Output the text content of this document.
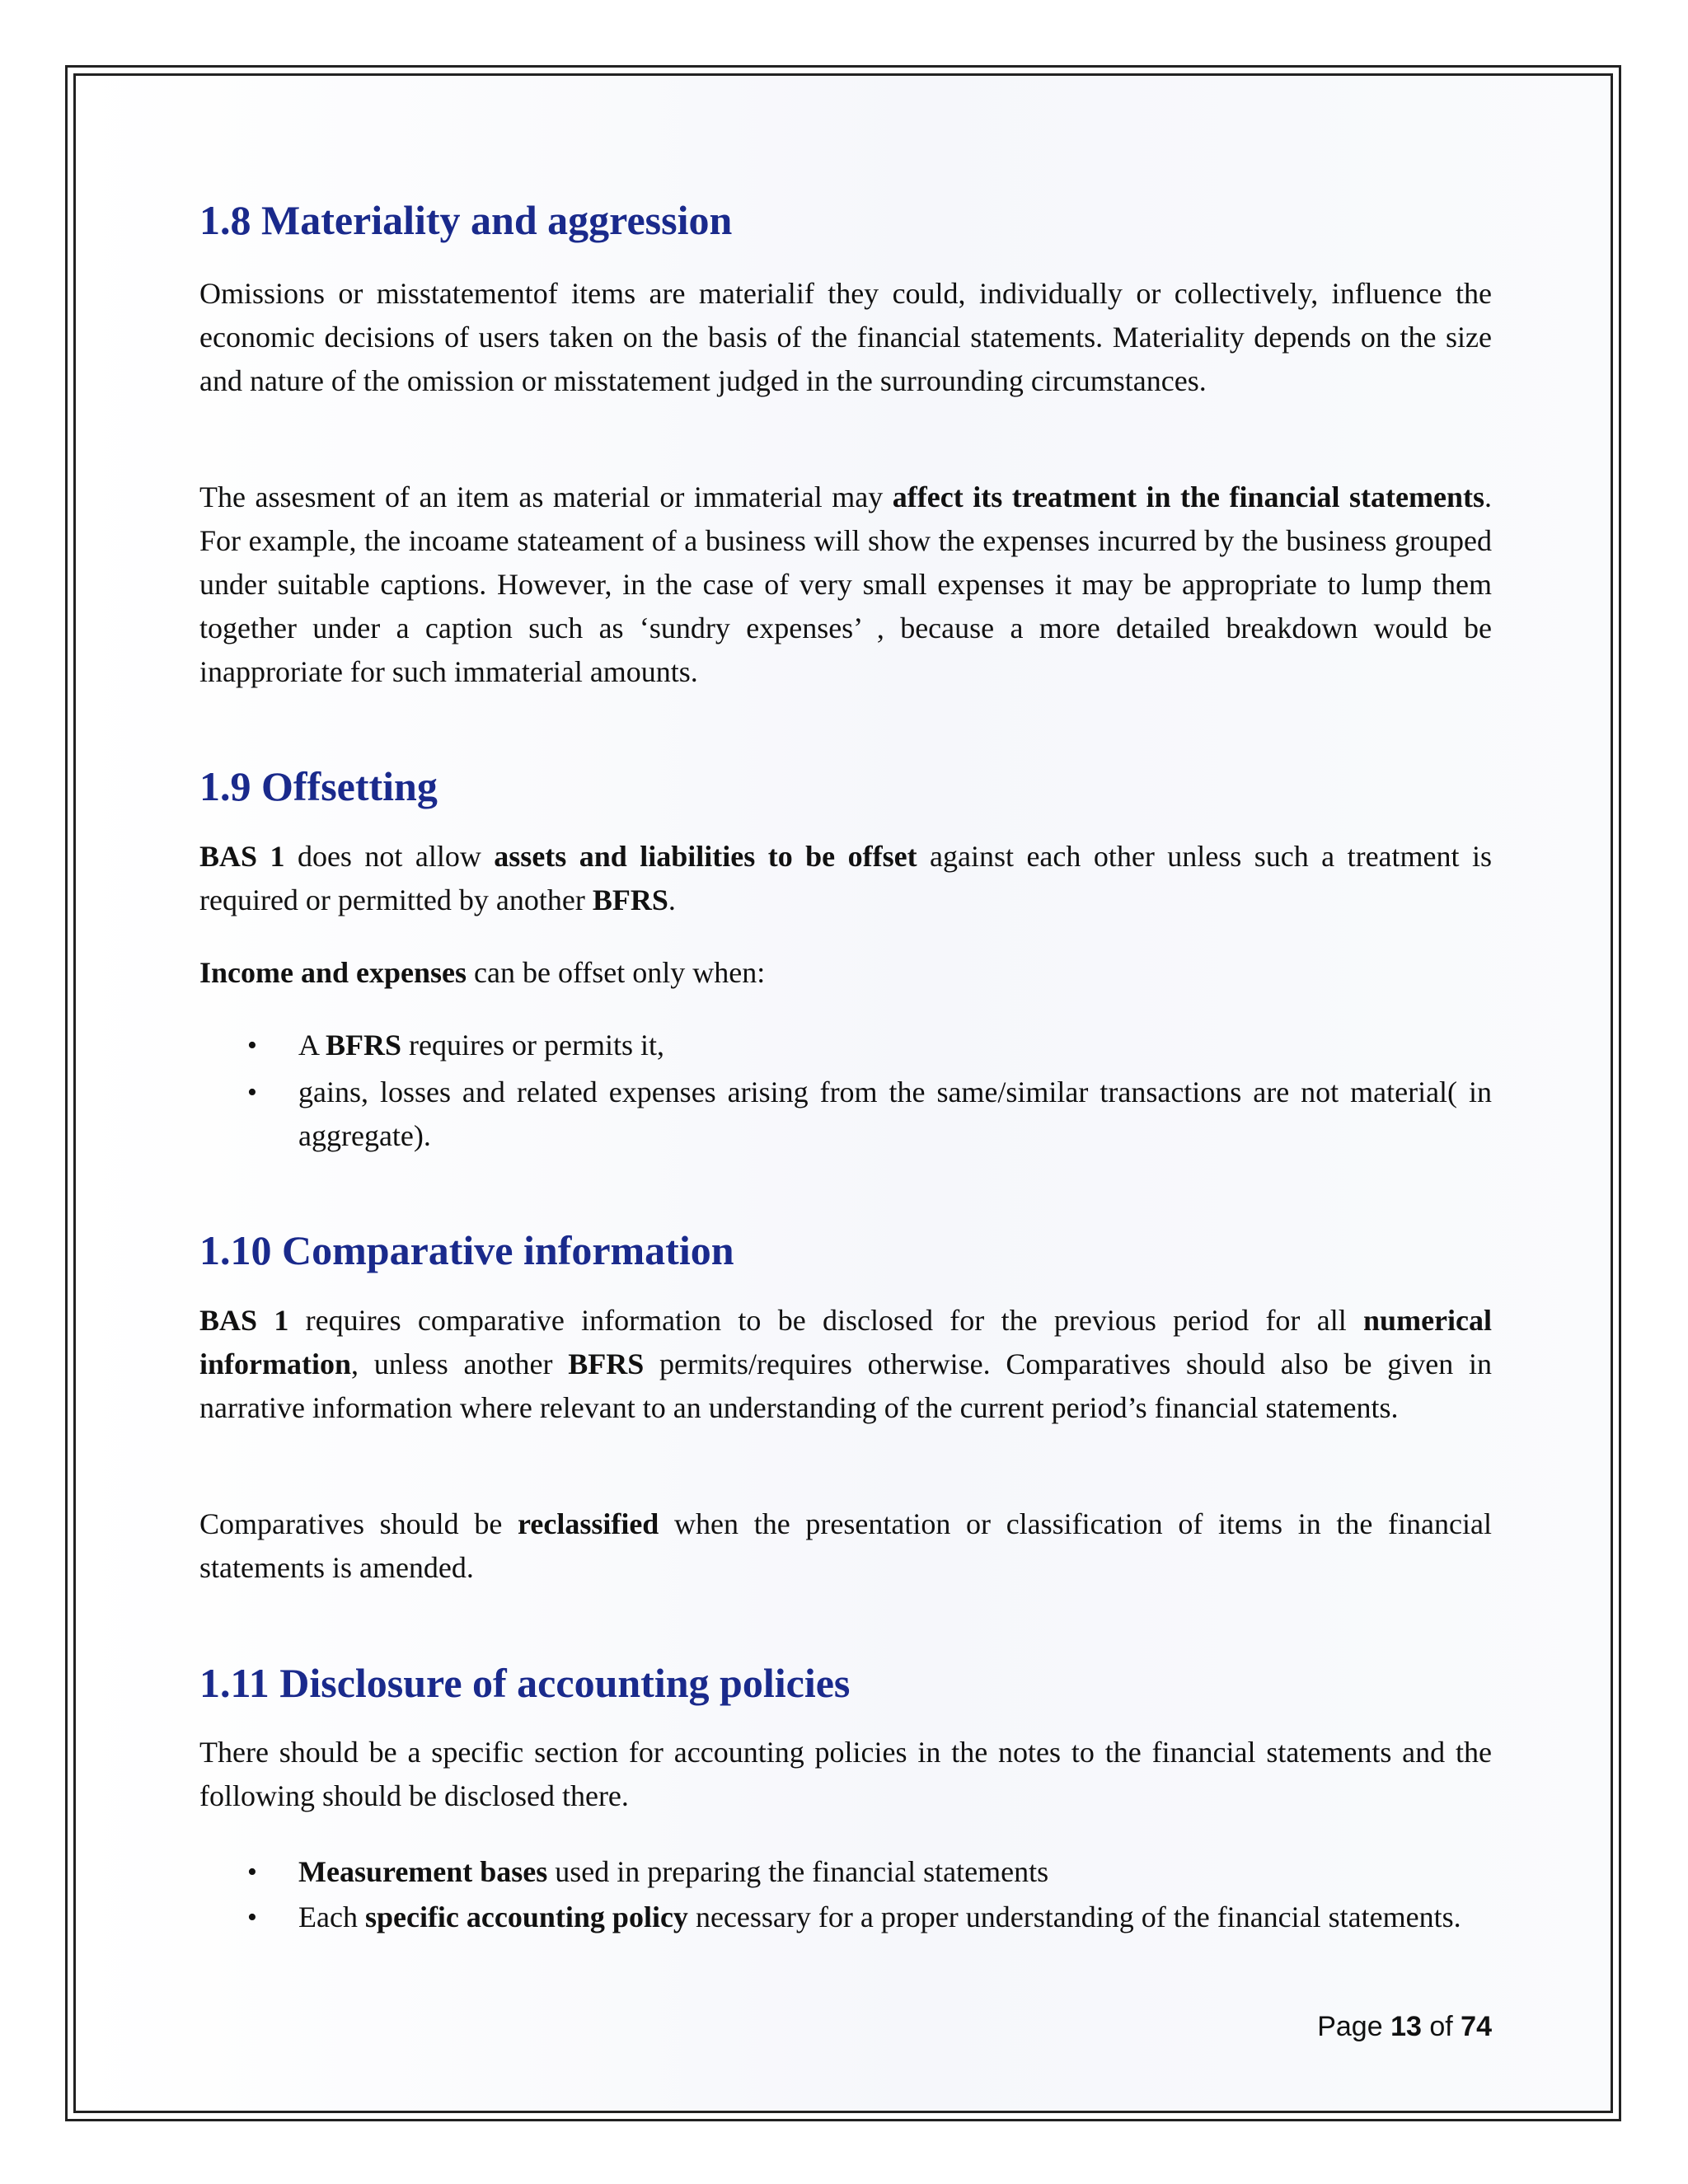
1.8 Materiality and aggression

Omissions or misstatementof items are materialif they could, individually or collectively, influence the economic decisions of users taken on the basis of the financial statements. Materiality depends on the size and nature of the omission or misstatement judged in the surrounding circumstances.

The assesment of an item as material or immaterial may affect its treatment in the financial statements. For example, the incoame stateament of a business will show the expenses incurred by the business grouped under suitable captions. However, in the case of very small expenses it may be appropriate to lump them together under a caption such as ‘sundry expenses’ , because a more detailed breakdown would be inapproriate for such immaterial amounts.

1.9 Offsetting

BAS 1 does not allow assets and liabilities to be offset against each other unless such a treatment is required or permitted by another BFRS.

Income and expenses can be offset only when:

• A BFRS requires or permits it,
• gains, losses and related expenses arising from the same/similar transactions are not material( in aggregate).
1.10 Comparative information

BAS 1 requires comparative information to be disclosed for the previous period for all numerical information, unless another BFRS permits/requires otherwise. Comparatives should also be given in narrative information where relevant to an understanding of the current period’s financial statements.

Comparatives should be reclassified when the presentation or classification of items in the financial statements is amended.

1.11 Disclosure of accounting policies

There should be a specific section for accounting policies in the notes to the financial statements and the following should be disclosed there.

• Measurement bases used in preparing the financial statements
• Each specific accounting policy necessary for a proper understanding of the financial statements.
Page 13 of 74
